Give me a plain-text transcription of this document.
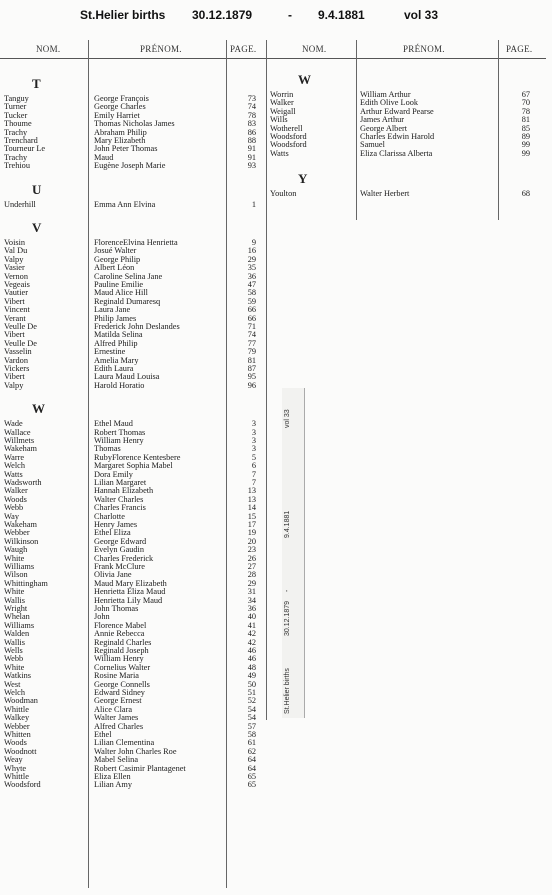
St.Helier births 30.12.1879	- 9.4.1881	vol 33
NOM.	PRÉNOM.	PAGE.	NOM.	PRÉNOM.	PAGE.
T
Tanguy	George François	73
Turner	George Charles	74
Tucker	Emily Harriet	78
Thoume	Thomas Nicholas James	83
Trachy	Abraham Philip	86
Trenchard	Mary Elizabeth	88
Tourneur Le	John Peter Thomas	91
Trachy	Maud	91
Trehiou	Eugène Joseph Marie	93
U
Underhill	Emma Ann Elvina	1
V
Voisin	FlorenceElvina Henrietta	9
Val Du	Josué Walter	16
Valpy	George Philip	29
Vasier	Albert Léon	35
Vernon	Caroline Selina Jane	36
Vegeais	Pauline Emilie	47
Vautier	Maud Alice Hill	58
Vibert	Reginald Dumaresq	59
Vincent	Laura Jane	66
Verant	Philip James	66
Veulle De	Frederick John Deslandes	71
Vibert	Matilda Selina	74
Veulle De	Alfred Philip	77
Vasselin	Ernestine	79
Vardon	Amelia Mary	81
Vickers	Edith Laura	87
Vibert	Laura Maud Louisa	95
Valpy	Harold Horatio	96
W
Wade	Ethel Maud	3
Wallace	Robert Thomas	3
Willmets	William Henry	3
Wakeham	Thomas	3
Warre	RubyFlorence Kentesbere	5
Welch	Margaret Sophia Mabel	6
Watts	Dora Emily	7
Wadsworth	Lilian Margaret	7
Walker	Hannah Elizabeth	13
Woods	Walter Charles	13
Webb	Charles Francis	14
Way	Charlotte	15
Wakeham	Henry James	17
Webber	Ethel Eliza	19
Wilkinson	George Edward	20
Waugh	Evelyn Gaudin	23
White	Charles Frederick	26
Williams	Frank McClure	27
Wilson	Olivia Jane	28
Whittingham	Maud Mary Elizabeth	29
White	Henrietta Eliza Maud	31
Wallis	Henrietta Lily Maud	34
Wright	John Thomas	36
Whelan	John	40
Williams	Florence Mabel	41
Walden	Annie Rebecca	42
Wallis	Reginald Charles	42
Wells	Reginald Joseph	46
Webb	William Henry	46
White	Cornelius Walter	48
Watkins	Rosine Maria	49
West	George Connells	50
Welch	Edward Sidney	51
Woodman	George Ernest	52
Whittle	Alice Clara	54
Walkey	Walter James	54
Webber	Alfred Charles	57
Whitten	Ethel	58
Woods	Lilian Clementina	61
Woodnott	Walter John Charles Roe	62
Weay	Mabel Selina	64
Whyte	Robert Casimir Plantagenet	64
Whittle	Eliza Ellen	65
Woodsford	Lilian Amy	65
W
Worrin	William Arthur	67
Walker	Edith Olive Look	70
Weigall	Arthur Edward Pearse	78
Wills	James Arthur	81
Wotherell	George Albert	85
Woodsford	Charles Edwin Harold	89
Woodsford	Samuel	99
Watts	Eliza Clarissa Alberta	99
Y
Youlton	Walter Herbert	68
St.Helier births
30.12.1879
-
9.4.1881
vol 33
